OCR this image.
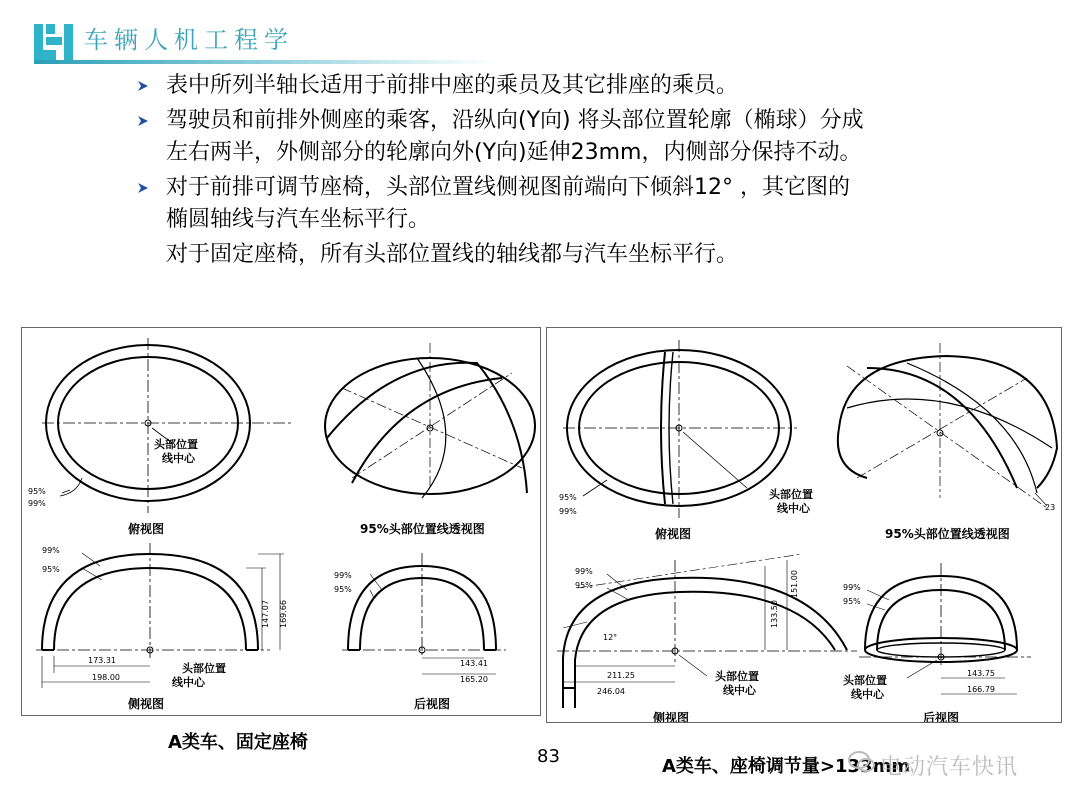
车辆人机工程学
表中所列半轴长适用于前排中座的乘员及其它排座的乘员。
驾驶员和前排外侧座的乘客，沿纵向(Y向) 将头部位置轮廓（椭球）分成
左右两半，外侧部分的轮廓向外(Y向)延伸23mm，内侧部分保持不动。
对于前排可调节座椅，头部位置线侧视图前端向下倾斜12° ，其它图的
椭圆轴线与汽车坐标平行。
对于固定座椅，所有头部位置线的轴线都与汽车坐标平行。
头部位置
线中心
95%
99%
俯视图	95%头部位置线透视图
99%
95%
147.07 169.66
173.31
198.00
头部位置
线中心
侧视图
99%
95%
143.41
165.20
后视图
95%
99%
头部位置
线中心
俯视图
23
95%头部位置线透视图
99%
95%
12°
133.50
151.00
211.25
246.04
头部位置
线中心
侧视图
99%
95%
头部位置
线中心
143.75
166.79
后视图
A类车、固定座椅
83	A类车、座椅调节量>133mm
电动汽车快讯
